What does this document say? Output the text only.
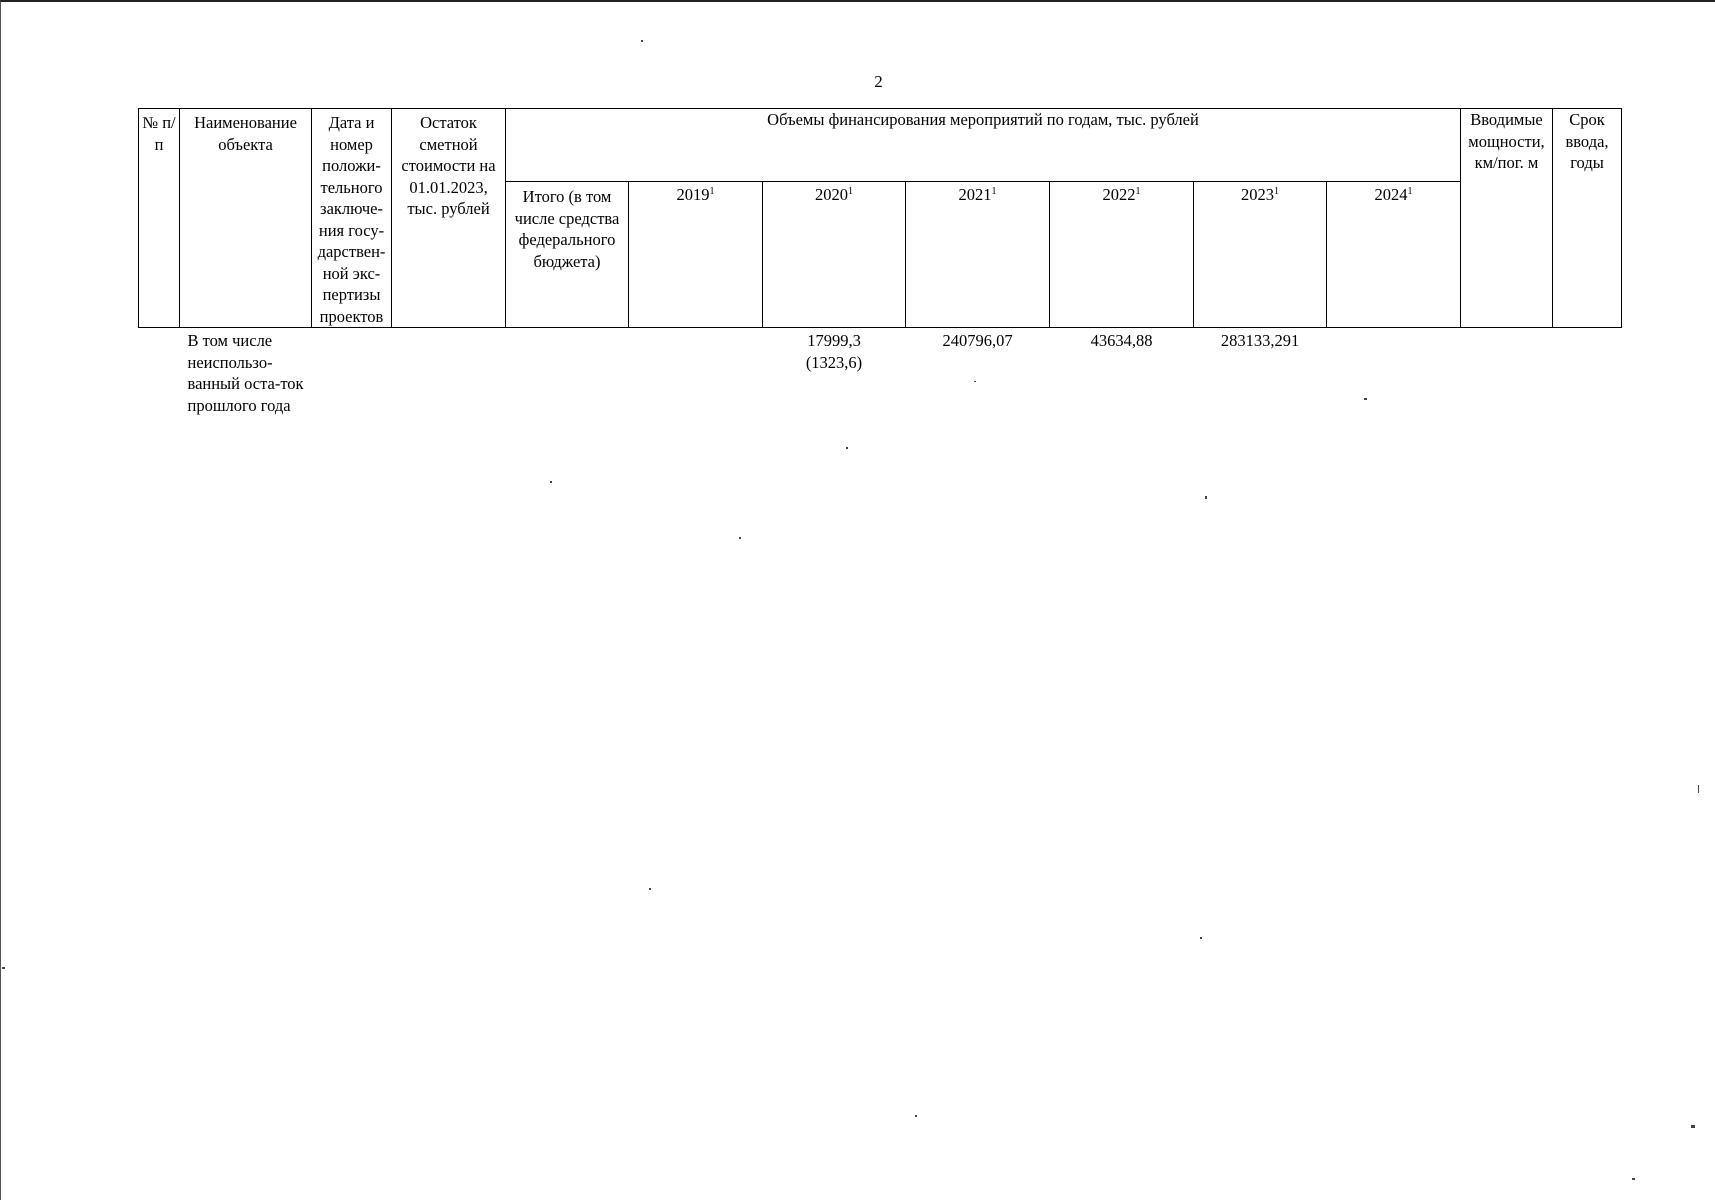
2
№ п/п	Наименование объекта	Дата и номер положи-тельного заключе-ния госу-дарствен-ной экс-пертизы проектов	Остаток сметной стоимости на 01.01.2023, тыс. рублей	Объемы финансирования мероприятий по годам, тыс. рублей							Вводимые мощности, км/пог. м	Срок ввода, годы
				Итого (в том числе средства федерального бюджета)	2019$^1$	2020$^1$	2021$^1$	2022$^1$	2023$^1$	2024$^1$
	В том числе неиспользо-ванный оста-ток прошлого года					17999,3
(1323,6)	240796,07	43634,88	283133,291			
